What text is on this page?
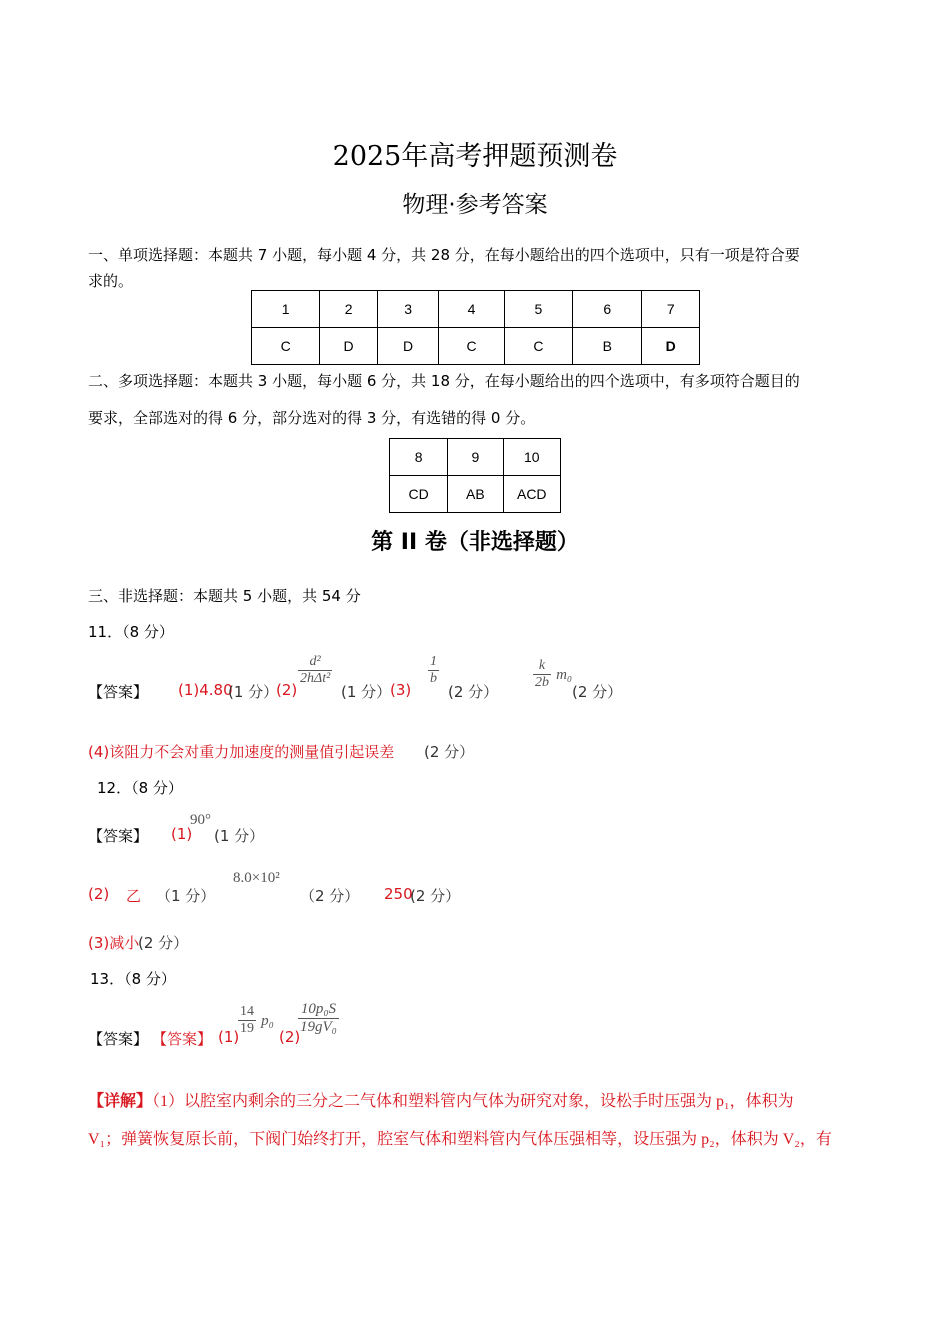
2025年高考押题预测卷
物理·参考答案
一、单项选择题：本题共 7 小题，每小题 4 分，共 28 分，在每小题给出的四个选项中，只有一项是符合要
求的。
1	2	3	4	5	6	7
C	D	D	C	C	B	D
二、多项选择题：本题共 3 小题，每小题 6 分，共 18 分，在每小题给出的四个选项中，有多项符合题目的
要求，全部选对的得 6 分，部分选对的得 3 分，有选错的得 0 分。
8	9	10
CD	AB	ACD
第 II 卷（非选择题）
三、非选择题：本题共 5 小题，共 54 分
11．（8 分）
【答案】 (1)4.80
(1 分）
(2)
$\frac{\text{d²}}{\text{2hΔt²}}$
(1 分）
(3)
$\frac{1}{b}$
(2 分）
$\frac{k}{2b} m_0$
(2 分）
(4)该阻力不会对重力加速度的测量值引起误差 (2 分）
12．（8 分）
【答案】 (1)
90°
(1 分）
(2) 乙 （1 分）
8.0×10²
（2 分） 250
(2 分）
(3)减小
(2 分）
13．（8 分）
【答案】 【答案】 (1)
$\frac{14}{19} p_0$
(2)
$\frac{\text{10p₀S}}{\text{19gV₀}}$
【详解】（1）以腔室内剩余的三分之二气体和塑料管内气体为研究对象，设松手时压强为 p₁，体积为
V₁；弹簧恢复原长前，下阀门始终打开，腔室气体和塑料管内气体压强相等，设压强为 p₂，体积为 V₂，有
